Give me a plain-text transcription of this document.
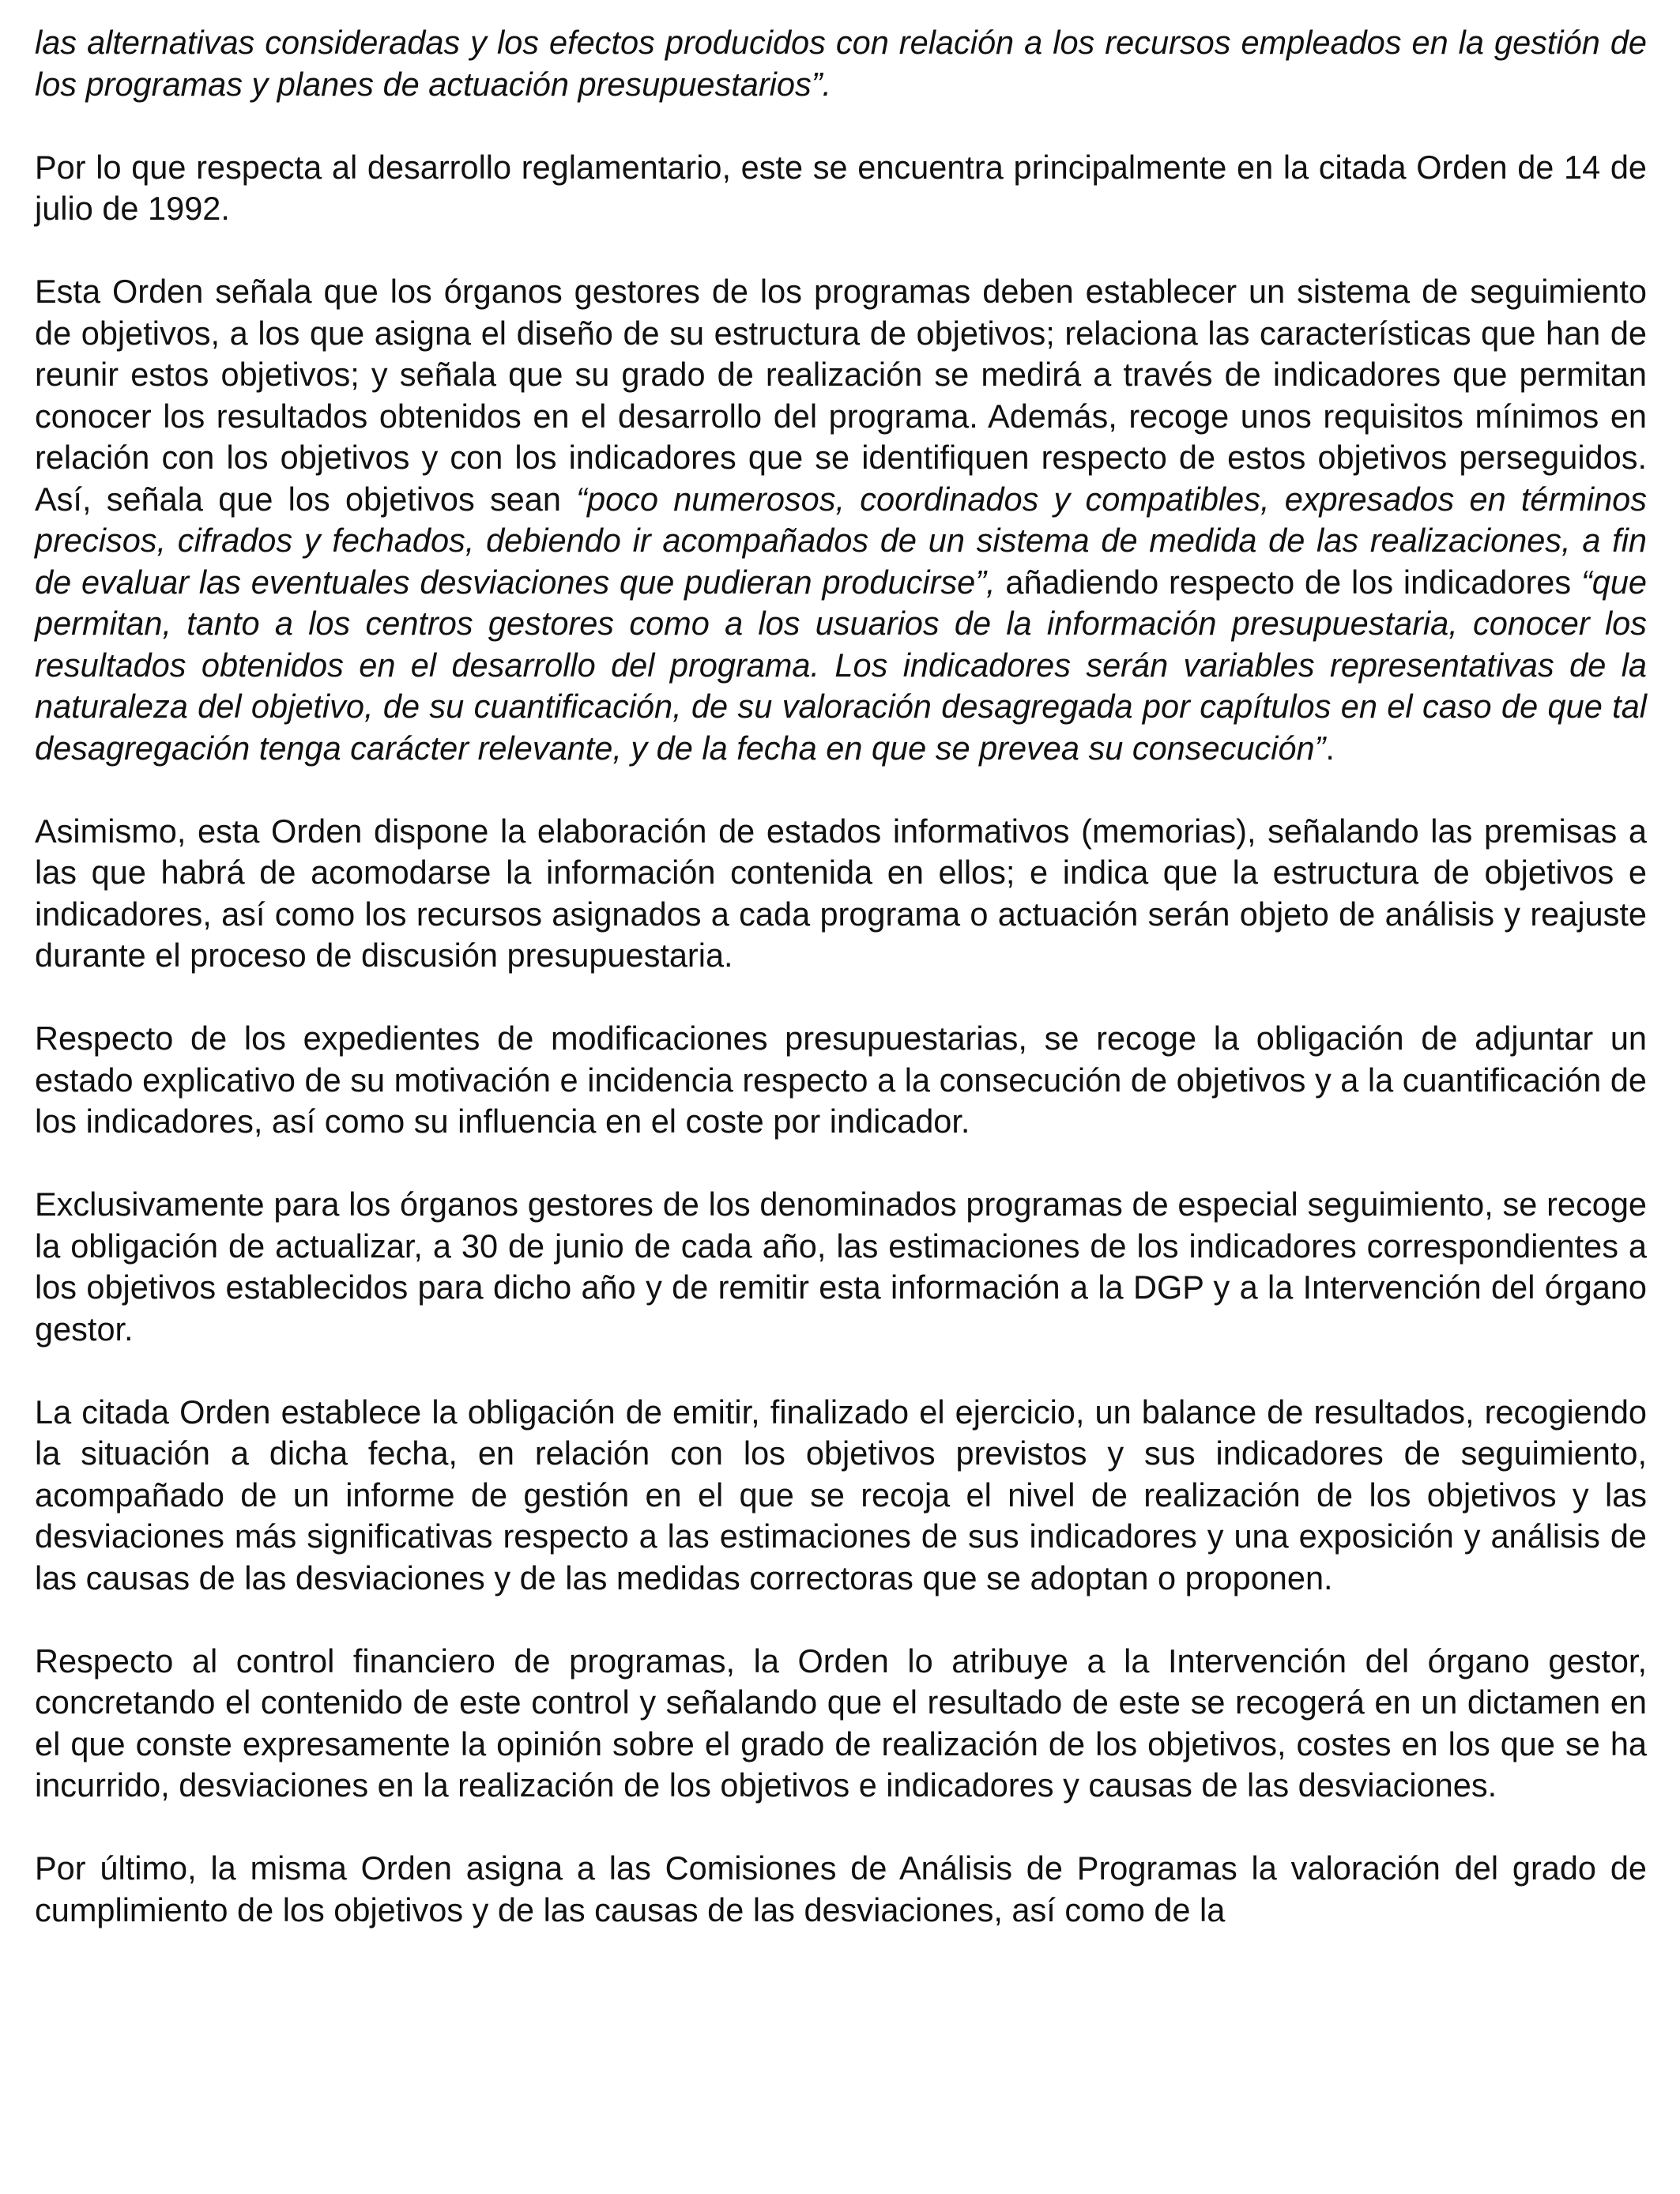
las alternativas consideradas y los efectos producidos con relación a los recursos empleados en la gestión de los programas y planes de actuación presupuestarios”.

Por lo que respecta al desarrollo reglamentario, este se encuentra principalmente en la citada Orden de 14 de julio de 1992.

Esta Orden señala que los órganos gestores de los programas deben establecer un sistema de seguimiento de objetivos, a los que asigna el diseño de su estructura de objetivos; relaciona las características que han de reunir estos objetivos; y señala que su grado de realización se medirá a través de indicadores que permitan conocer los resultados obtenidos en el desarrollo del programa. Además, recoge unos requisitos mínimos en relación con los objetivos y con los indicadores que se identifiquen respecto de estos objetivos perseguidos. Así, señala que los objetivos sean “poco numerosos, coordinados y compatibles, expresados en términos precisos, cifrados y fechados, debiendo ir acompañados de un sistema de medida de las realizaciones, a fin de evaluar las eventuales desviaciones que pudieran producirse”, añadiendo respecto de los indicadores “que permitan, tanto a los centros gestores como a los usuarios de la información presupuestaria, conocer los resultados obtenidos en el desarrollo del programa. Los indicadores serán variables representativas de la naturaleza del objetivo, de su cuantificación, de su valoración desagregada por capítulos en el caso de que tal desagregación tenga carácter relevante, y de la fecha en que se prevea su consecución”.

Asimismo, esta Orden dispone la elaboración de estados informativos (memorias), señalando las premisas a las que habrá de acomodarse la información contenida en ellos; e indica que la estructura de objetivos e indicadores, así como los recursos asignados a cada programa o actuación serán objeto de análisis y reajuste durante el proceso de discusión presupuestaria.

Respecto de los expedientes de modificaciones presupuestarias, se recoge la obligación de adjuntar un estado explicativo de su motivación e incidencia respecto a la consecución de objetivos y a la cuantificación de los indicadores, así como su influencia en el coste por indicador.

Exclusivamente para los órganos gestores de los denominados programas de especial seguimiento, se recoge la obligación de actualizar, a 30 de junio de cada año, las estimaciones de los indicadores correspondientes a los objetivos establecidos para dicho año y de remitir esta información a la DGP y a la Intervención del órgano gestor.

La citada Orden establece la obligación de emitir, finalizado el ejercicio, un balance de resultados, recogiendo la situación a dicha fecha, en relación con los objetivos previstos y sus indicadores de seguimiento, acompañado de un informe de gestión en el que se recoja el nivel de realización de los objetivos y las desviaciones más significativas respecto a las estimaciones de sus indicadores y una exposición y análisis de las causas de las desviaciones y de las medidas correctoras que se adoptan o proponen.

Respecto al control financiero de programas, la Orden lo atribuye a la Intervención del órgano gestor, concretando el contenido de este control y señalando que el resultado de este se recogerá en un dictamen en el que conste expresamente la opinión sobre el grado de realización de los objetivos, costes en los que se ha incurrido, desviaciones en la realización de los objetivos e indicadores y causas de las desviaciones.

Por último, la misma Orden asigna a las Comisiones de Análisis de Programas la valoración del grado de cumplimiento de los objetivos y de las causas de las desviaciones, así como de la
